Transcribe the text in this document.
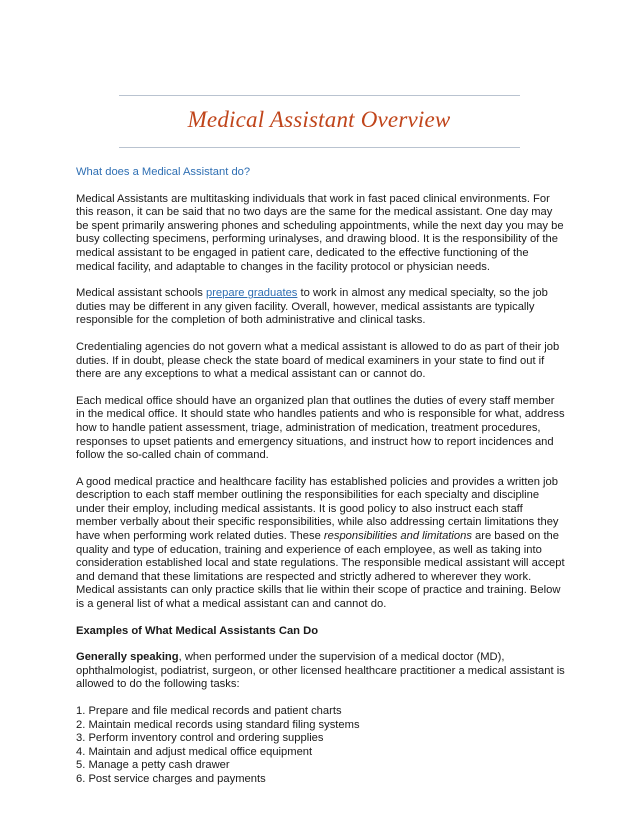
Medical Assistant Overview

What does a Medical Assistant do?

Medical Assistants are multitasking individuals that work in fast paced clinical environments. For this reason, it can be said that no two days are the same for the medical assistant. One day may be spent primarily answering phones and scheduling appointments, while the next day you may be busy collecting specimens, performing urinalyses, and drawing blood. It is the responsibility of the medical assistant to be engaged in patient care, dedicated to the effective functioning of the medical facility, and adaptable to changes in the facility protocol or physician needs.

Medical assistant schools prepare graduates to work in almost any medical specialty, so the job duties may be different in any given facility. Overall, however, medical assistants are typically responsible for the completion of both administrative and clinical tasks.

Credentialing agencies do not govern what a medical assistant is allowed to do as part of their job duties. If in doubt, please check the state board of medical examiners in your state to find out if there are any exceptions to what a medical assistant can or cannot do.

Each medical office should have an organized plan that outlines the duties of every staff member in the medical office. It should state who handles patients and who is responsible for what, address how to handle patient assessment, triage, administration of medication, treatment procedures, responses to upset patients and emergency situations, and instruct how to report incidences and follow the so-called chain of command.

A good medical practice and healthcare facility has established policies and provides a written job description to each staff member outlining the responsibilities for each specialty and discipline under their employ, including medical assistants. It is good policy to also instruct each staff member verbally about their specific responsibilities, while also addressing certain limitations they have when performing work related duties. These responsibilities and limitations are based on the quality and type of education, training and experience of each employee, as well as taking into consideration established local and state regulations. The responsible medical assistant will accept and demand that these limitations are respected and strictly adhered to wherever they work. Medical assistants can only practice skills that lie within their scope of practice and training. Below is a general list of what a medical assistant can and cannot do.

Examples of What Medical Assistants Can Do

Generally speaking, when performed under the supervision of a medical doctor (MD), ophthalmologist, podiatrist, surgeon, or other licensed healthcare practitioner a medical assistant is allowed to do the following tasks:

1. Prepare and file medical records and patient charts
2. Maintain medical records using standard filing systems
3. Perform inventory control and ordering supplies
4. Maintain and adjust medical office equipment
5. Manage a petty cash drawer
6. Post service charges and payments
